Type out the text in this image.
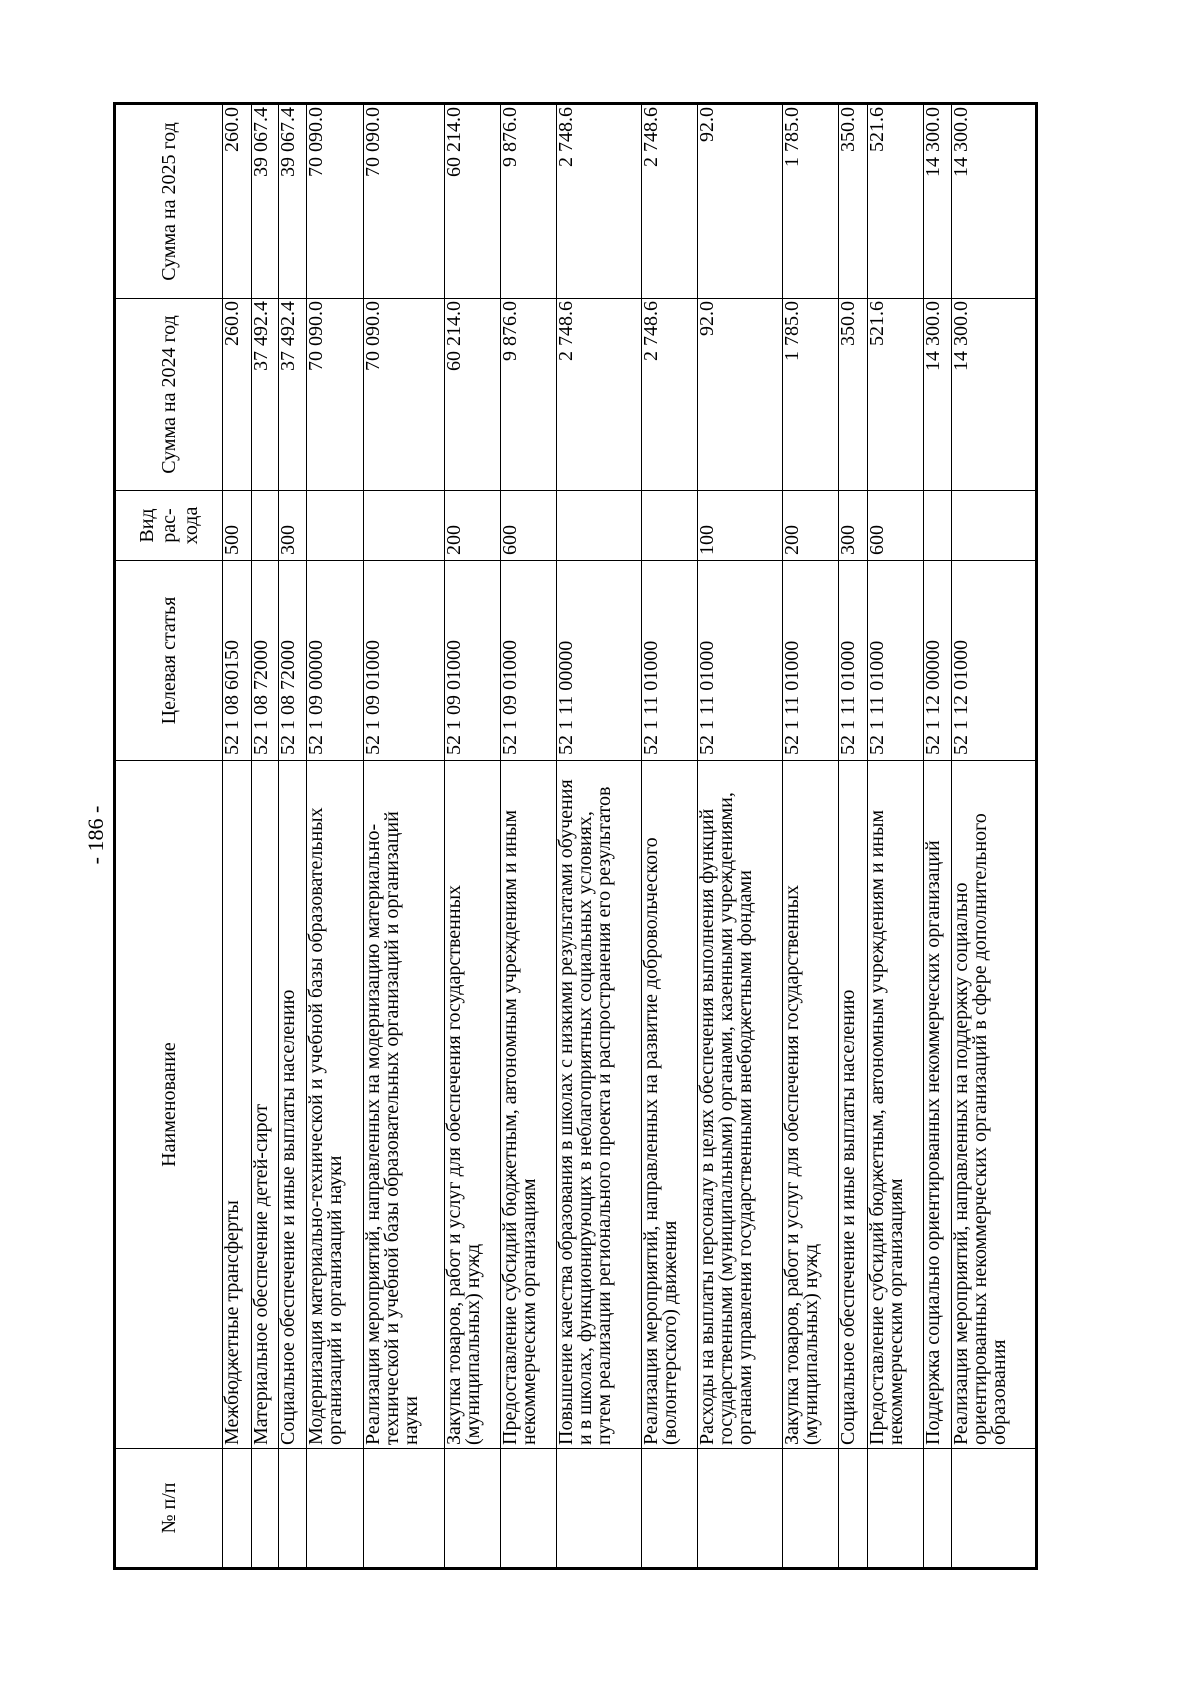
- 186 -
№ п/п	Наименование	Целевая статья	Вид рас-хода	Сумма на 2024 год	Сумма на 2025 год
	Межбюджетные трансферты	52 1 08 60150	500	260.0	260.0
	Материальное обеспечение детей-сирот	52 1 08 72000		37 492.4	39 067.4
	Социальное обеспечение и иные выплаты населению	52 1 08 72000	300	37 492.4	39 067.4
	Модернизация материально-технической и учебной базы образовательных организаций и организаций науки	52 1 09 00000		70 090.0	70 090.0
	Реализация мероприятий, направленных на модернизацию материально-технической и учебной базы образовательных организаций и организаций науки	52 1 09 01000		70 090.0	70 090.0
	Закупка товаров, работ и услуг для обеспечения государственных (муниципальных) нужд	52 1 09 01000	200	60 214.0	60 214.0
	Предоставление субсидий бюджетным, автономным учреждениям и иным некоммерческим организациям	52 1 09 01000	600	9 876.0	9 876.0
	Повышение качества образования в школах с низкими результатами обучения и в школах, функционирующих в неблагоприятных социальных условиях, путем реализации регионального проекта и распространения его результатов	52 1 11 00000		2 748.6	2 748.6
	Реализация мероприятий, направленных на развитие добровольческого (волонтерского) движения	52 1 11 01000		2 748.6	2 748.6
	Расходы на выплаты персоналу в целях обеспечения выполнения функций государственными (муниципальными) органами, казенными учреждениями, органами управления государственными внебюджетными фондами	52 1 11 01000	100	92.0	92.0
	Закупка товаров, работ и услуг для обеспечения государственных (муниципальных) нужд	52 1 11 01000	200	1 785.0	1 785.0
	Социальное обеспечение и иные выплаты населению	52 1 11 01000	300	350.0	350.0
	Предоставление субсидий бюджетным, автономным учреждениям и иным некоммерческим организациям	52 1 11 01000	600	521.6	521.6
	Поддержка социально ориентированных некоммерческих организаций	52 1 12 00000		14 300.0	14 300.0
	Реализация мероприятий, направленных на поддержку социально ориентированных некоммерческих организаций в сфере дополнительного образования	52 1 12 01000		14 300.0	14 300.0
